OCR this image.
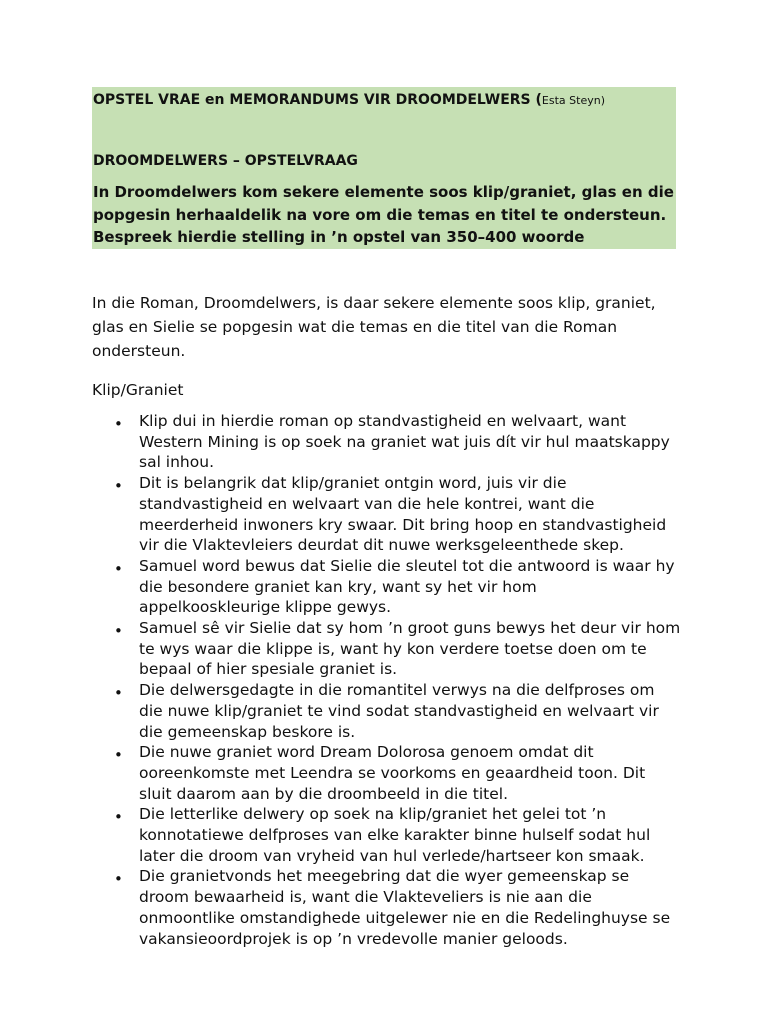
OPSTEL VRAE en MEMORANDUMS VIR DROOMDELWERS (Esta Steyn)
DROOMDELWERS – OPSTELVRAAG

In Droomdelwers kom sekere elemente soos klip/graniet, glas en die popgesin herhaaldelik na vore om die temas en titel te ondersteun. Bespreek hierdie stelling in ’n opstel van 350–400 woorde

In die Roman, Droomdelwers, is daar sekere elemente soos klip, graniet, glas en Sielie se popgesin wat die temas en die titel van die Roman ondersteun.

Klip/Graniet

• Klip dui in hierdie roman op standvastigheid en welvaart, want Western Mining is op soek na graniet wat juis dít vir hul maatskappy sal inhou.
• Dit is belangrik dat klip/graniet ontgin word, juis vir die standvastigheid en welvaart van die hele kontrei, want die meerderheid inwoners kry swaar. Dit bring hoop en standvastigheid vir die Vlaktevleiers deurdat dit nuwe werksgeleenthede skep.
• Samuel word bewus dat Sielie die sleutel tot die antwoord is waar hy die besondere graniet kan kry, want sy het vir hom appelkooskleurige klippe gewys.
• Samuel sê vir Sielie dat sy hom ’n groot guns bewys het deur vir hom te wys waar die klippe is, want hy kon verdere toetse doen om te bepaal of hier spesiale graniet is.
• Die delwersgedagte in die romantitel verwys na die delfproses om die nuwe klip/graniet te vind sodat standvastigheid en welvaart vir die gemeenskap beskore is.
• Die nuwe graniet word Dream Dolorosa genoem omdat dit ooreenkomste met Leendra se voorkoms en geaardheid toon. Dit sluit daarom aan by die droombeeld in die titel.
• Die letterlike delwery op soek na klip/graniet het gelei tot ’n konnotatiewe delfproses van elke karakter binne hulself sodat hul later die droom van vryheid van hul verlede/hartseer kon smaak.
• Die granietvonds het meegebring dat die wyer gemeenskap se droom bewaarheid is, want die Vlakteveliers is nie aan die onmoontlike omstandighede uitgelewer nie en die Redelinghuyse se vakansieoordprojek is op ’n vredevolle manier geloods.
